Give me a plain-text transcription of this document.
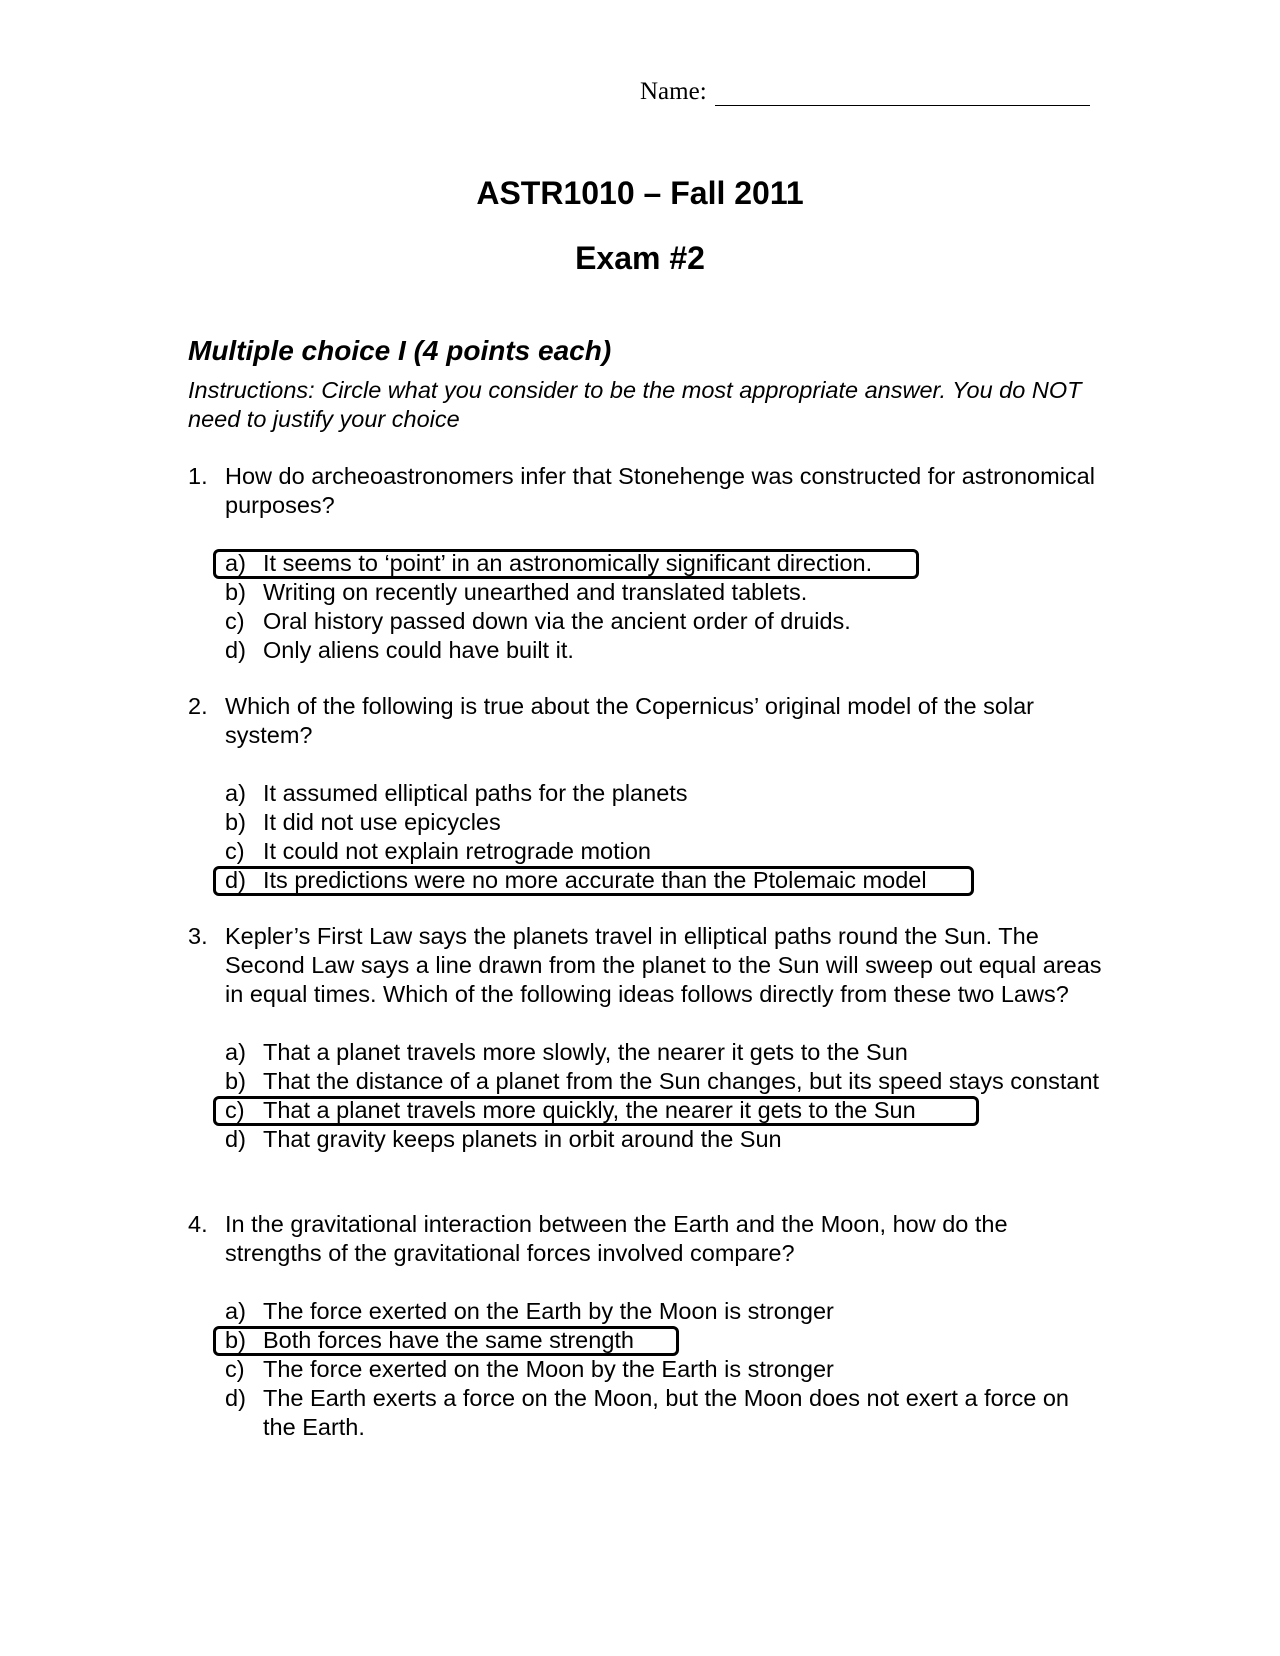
Name:
ASTR1010 – Fall 2011
Exam #2
Multiple choice I (4 points each)
Instructions: Circle what you consider to be the most appropriate answer. You do NOT need to justify your choice
1. How do archeoastronomers infer that Stonehenge was constructed for astronomical purposes?
a) It seems to ‘point’ in an astronomically significant direction.
b) Writing on recently unearthed and translated tablets.
c) Oral history passed down via the ancient order of druids.
d) Only aliens could have built it.
2. Which of the following is true about the Copernicus’ original model of the solar system?
a) It assumed elliptical paths for the planets
b) It did not use epicycles
c) It could not explain retrograde motion
d) Its predictions were no more accurate than the Ptolemaic model
3. Kepler’s First Law says the planets travel in elliptical paths round the Sun. The Second Law says a line drawn from the planet to the Sun will sweep out equal areas in equal times. Which of the following ideas follows directly from these two Laws?
a) That a planet travels more slowly, the nearer it gets to the Sun
b) That the distance of a planet from the Sun changes, but its speed stays constant
c) That a planet travels more quickly, the nearer it gets to the Sun
d) That gravity keeps planets in orbit around the Sun
4. In the gravitational interaction between the Earth and the Moon, how do the strengths of the gravitational forces involved compare?
a) The force exerted on the Earth by the Moon is stronger
b) Both forces have the same strength
c) The force exerted on the Moon by the Earth is stronger
d) The Earth exerts a force on the Moon, but the Moon does not exert a force on the Earth.
